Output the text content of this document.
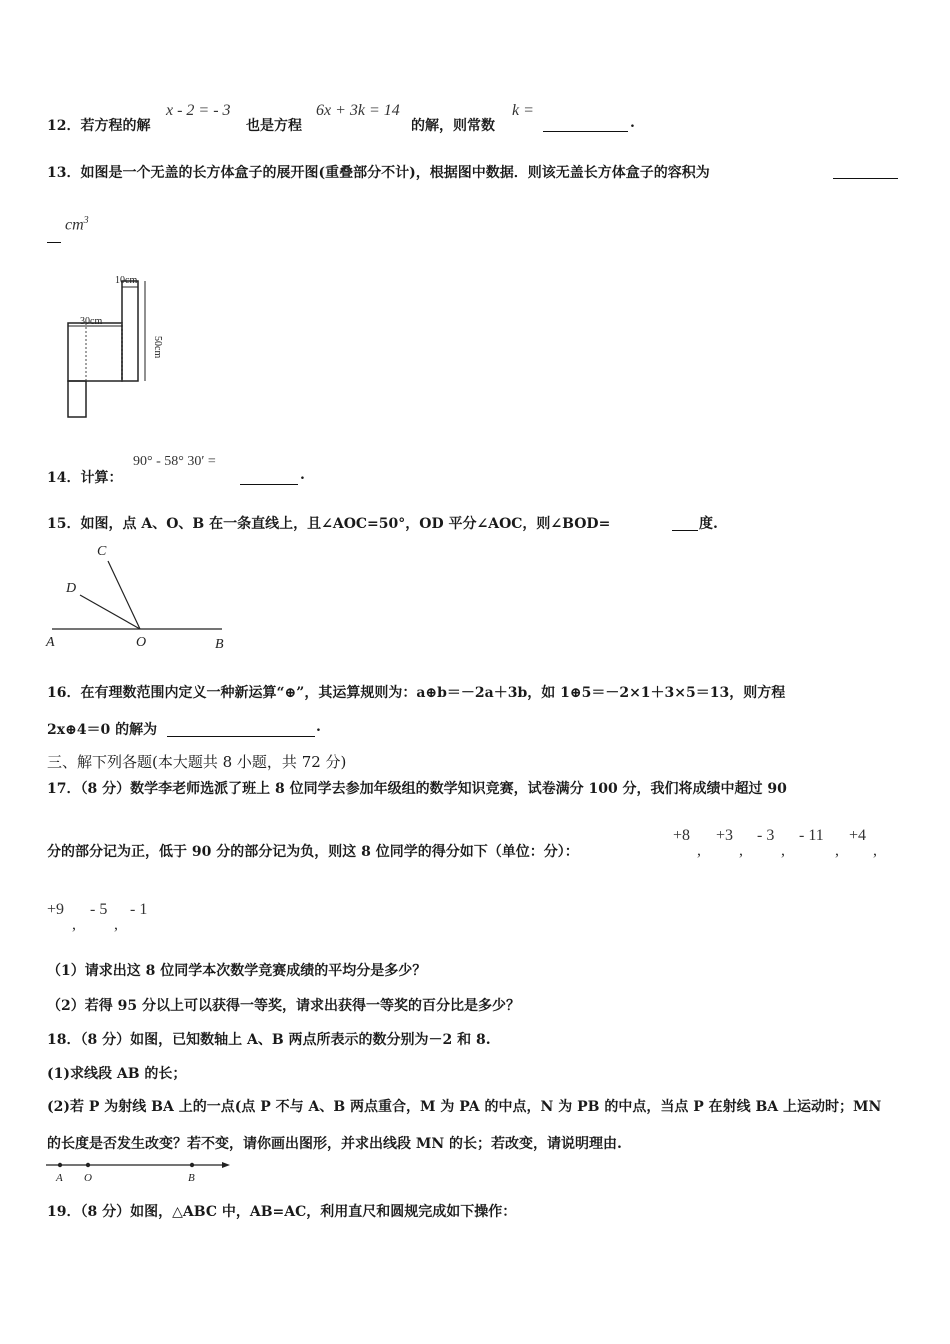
12．若方程的解
x - 2 = - 3
也是方程
6x + 3k = 14
的解，则常数
k =
.
13．如图是一个无盖的长方体盒子的展开图(重叠部分不计)，根据图中数据．则该无盖长方体盒子的容积为
$cm^3$
10cm
30cm
50cm
14．计算：
90° - 58° 30′ =
.
15．如图，点 A、O、B 在一条直线上，且∠AOC=50°，OD 平分∠AOC，则∠BOD=	度.
C
D
A	O	B
16．在有理数范围内定义一种新运算“⊕”，其运算规则为：a⊕b＝－2a＋3b，如 1⊕5＝－2×1＋3×5＝13，则方程
2x⊕4＝0 的解为	.
三、解下列各题(本大题共 8 小题，共 72 分)
17．（8 分）数学李老师选派了班上 8 位同学去参加年级组的数学知识竞赛，试卷满分 100 分，我们将成绩中超过 90
分的部分记为正，低于 90 分的部分记为负，则这 8 位同学的得分如下（单位：分）：
+8
,
+3
,
- 3
,
- 11
,
+4
,
+9
,
- 5
,
- 1
（1）请求出这 8 位同学本次数学竞赛成绩的平均分是多少？
（2）若得 95 分以上可以获得一等奖，请求出获得一等奖的百分比是多少？
18．（8 分）如图，已知数轴上 A、B 两点所表示的数分别为－2 和 8.
(1)求线段 AB 的长；
(2)若 P 为射线 BA 上的一点(点 P 不与 A、B 两点重合，M 为 PA 的中点，N 为 PB 的中点，当点 P 在射线 BA 上运动时；MN
的长度是否发生改变？若不变，请你画出图形，并求出线段 MN 的长；若改变，请说明理由.
A O	B
19．（8 分）如图，△ABC 中，AB=AC，利用直尺和圆规完成如下操作：
